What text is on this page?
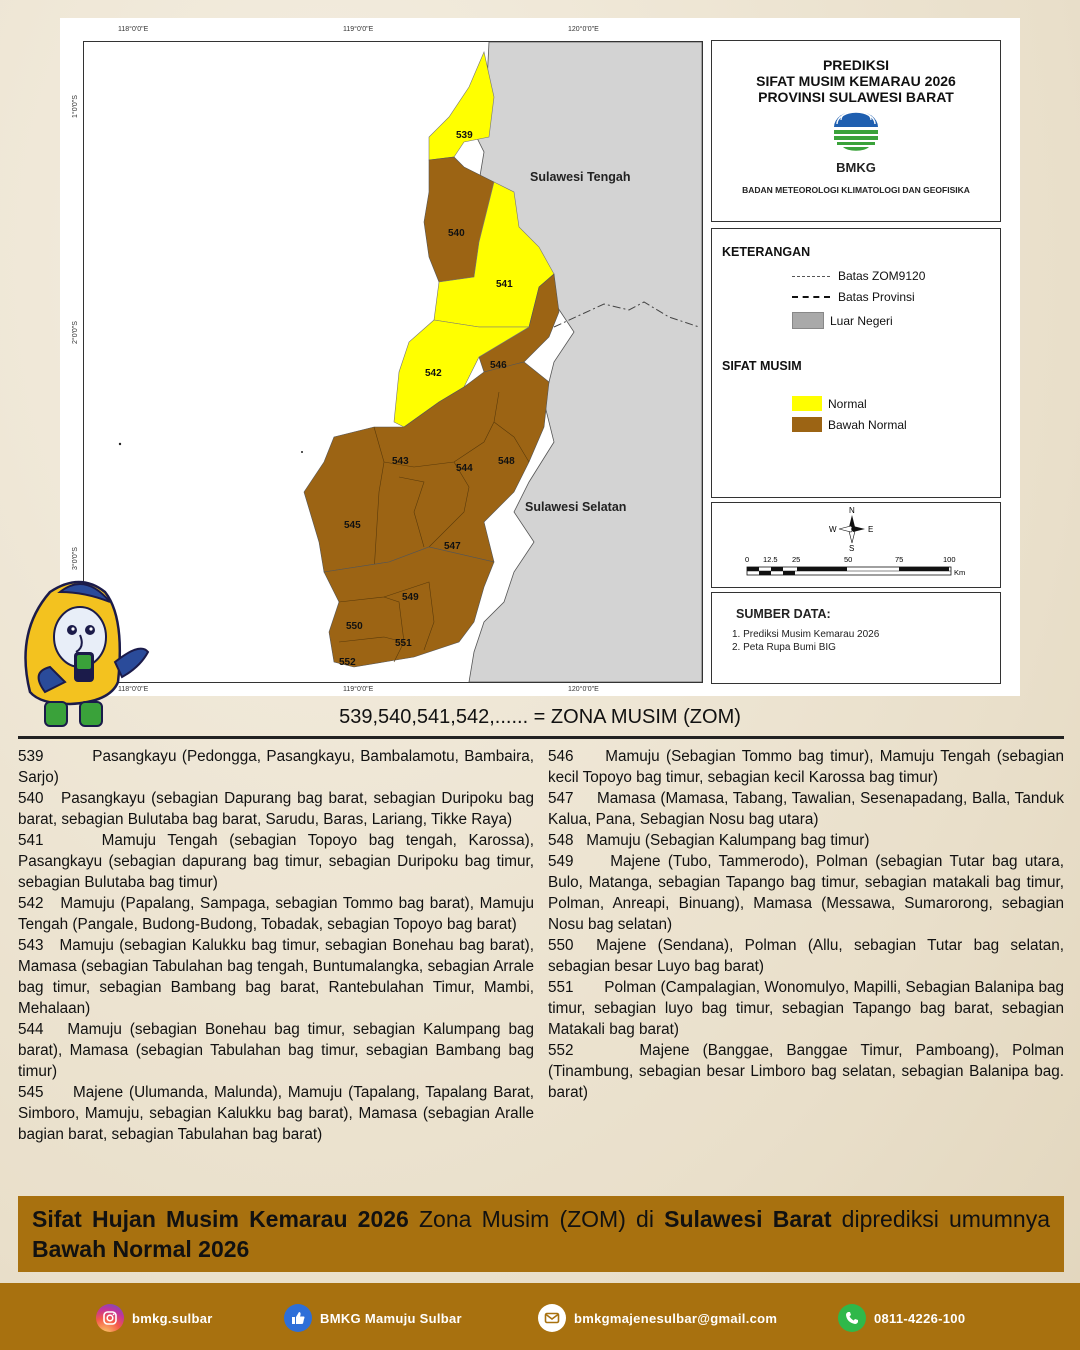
118°0'0"E	119°0'0"E	120°0'0"E
118°0'0"E	119°0'0"E	120°0'0"E
1°0'0"S
2°0'0"S
3°0'0"S
539
540
541
542
546
543
544
548
545
547
549
550
551
552
Sulawesi Tengah
Sulawesi Selatan
PREDIKSI
SIFAT MUSIM KEMARAU 2026
PROVINSI SULAWESI BARAT
BMKG
BADAN METEOROLOGI KLIMATOLOGI DAN GEOFISIKA
KETERANGAN
Batas ZOM9120
Batas Provinsi
Luar Negeri
SIFAT MUSIM
Normal
Bawah Normal
N
S
W	E
0 12.5 25	50	75	100
Km
SUMBER DATA:
1. Prediksi Musim Kemarau 2026
2. Peta Rupa Bumi BIG
539,540,541,542,...... = ZONA MUSIM (ZOM)

539         Pasangkayu (Pedongga, Pasangkayu, Bambalamotu, Bambaira, Sarjo)

540   Pasangkayu (sebagian Dapurang bag barat, sebagian Duripoku bag barat, sebagian Bulutaba bag barat, Sarudu, Baras, Lariang, Tikke Raya)

541     Mamuju Tengah (sebagian Topoyo bag tengah, Karossa), Pasangkayu (sebagian dapurang bag timur, sebagian Duripoku bag timur, sebagian Bulutaba bag timur)

542   Mamuju (Papalang, Sampaga, sebagian Tommo bag barat), Mamuju Tengah (Pangale, Budong-Budong, Tobadak, sebagian Topoyo bag barat)

543   Mamuju (sebagian Kalukku bag timur, sebagian Bonehau bag barat), Mamasa (sebagian Tabulahan bag tengah, Buntumalangka, sebagian Arrale bag timur, sebagian Bambang bag barat, Rantebulahan Timur, Mambi, Mehalaan)

544   Mamuju (sebagian Bonehau bag timur, sebagian Kalumpang bag barat), Mamasa (sebagian Tabulahan bag timur, sebagian Bambang bag timur)

545     Majene (Ulumanda, Malunda), Mamuju (Tapalang, Tapalang Barat, Simboro, Mamuju, sebagian Kalukku bag barat), Mamasa (sebagian Aralle bagian barat, sebagian Tabulahan bag barat)

546     Mamuju (Sebagian Tommo bag timur), Mamuju Tengah (sebagian kecil Topoyo bag timur, sebagian kecil Karossa bag timur)

547     Mamasa (Mamasa, Tabang, Tawalian, Sesenapadang, Balla, Tanduk Kalua, Pana, Sebagian Nosu bag utara)

548   Mamuju (Sebagian Kalumpang bag timur)

549     Majene (Tubo, Tammerodo), Polman (sebagian Tutar bag utara, Bulo, Matanga, sebagian Tapango bag timur, sebagian matakali bag timur, Polman, Anreapi, Binuang), Mamasa (Messawa, Sumarorong, sebagian Nosu bag selatan)

550  Majene (Sendana), Polman (Allu, sebagian Tutar bag selatan, sebagian besar Luyo bag barat)

551       Polman (Campalagian, Wonomulyo, Mapilli, Sebagian Balanipa bag timur, sebagian luyo bag timur, sebagian Tapango bag barat, sebagian Matakali bag barat)

552     Majene (Banggae, Banggae Timur, Pamboang), Polman (Tinambung, sebagian besar Limboro bag selatan, sebagian Balanipa bag. barat)

Sifat Hujan Musim Kemarau 2026 Zona Musim (ZOM) di Sulawesi Barat diprediksi umumnya Bawah Normal 2026
bmkg.sulbar	BMKG Mamuju Sulbar	bmkgmajenesulbar@gmail.com	0811-4226-100
